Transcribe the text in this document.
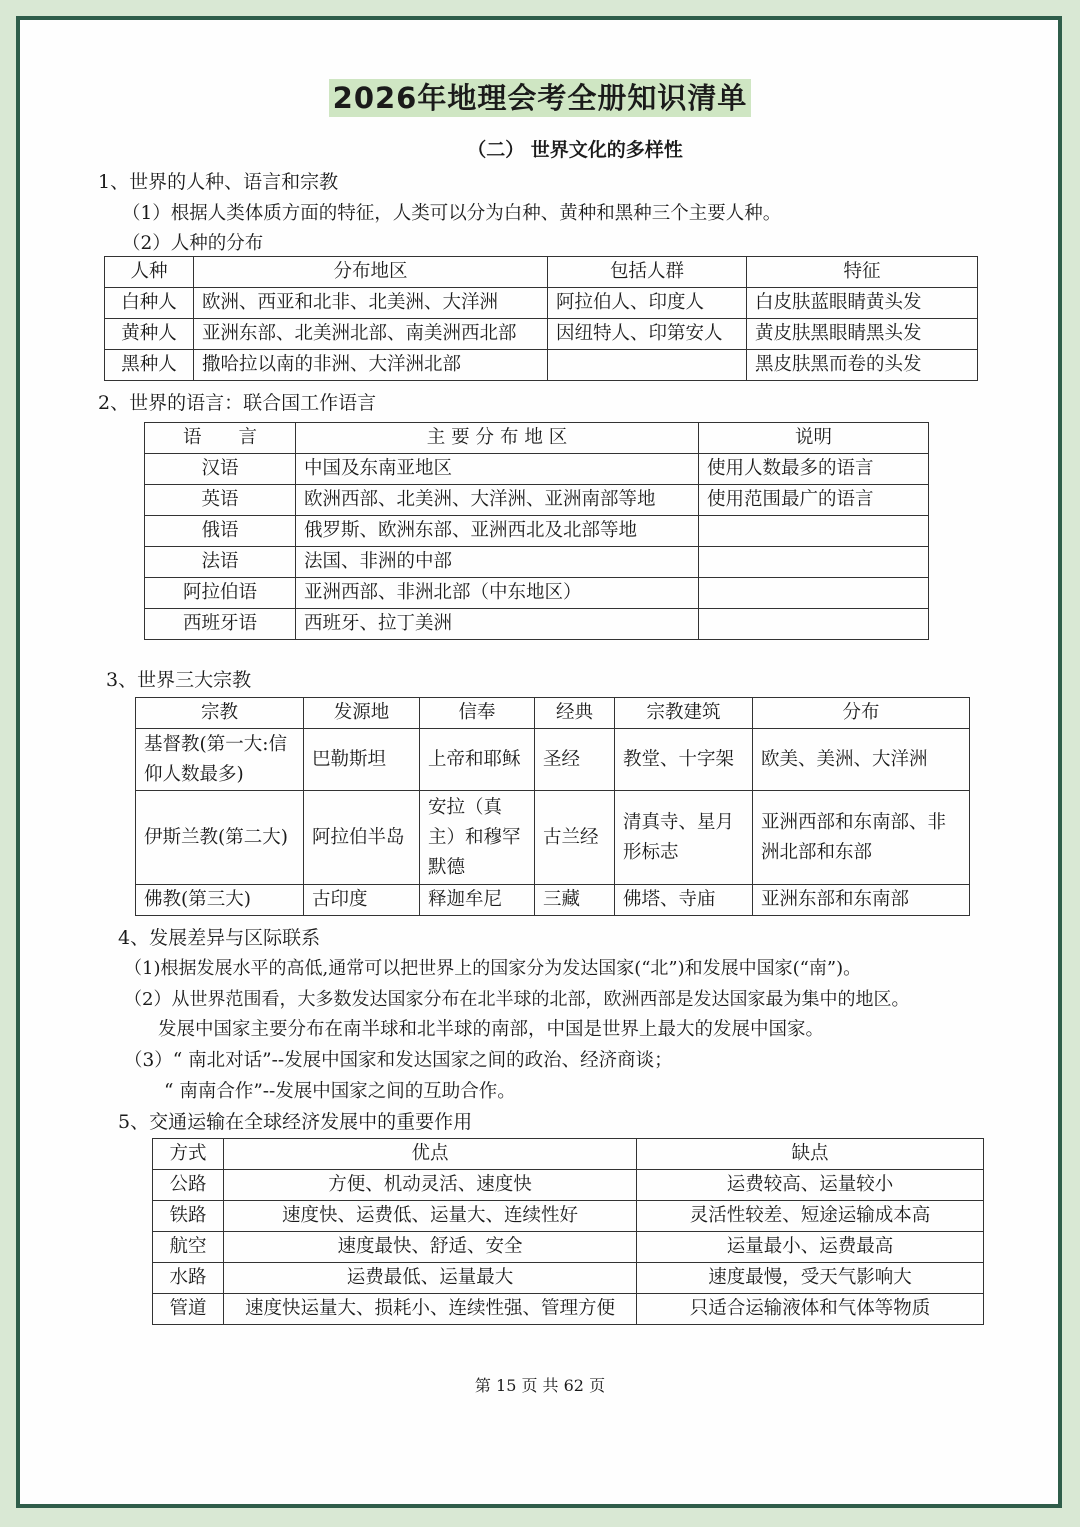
2026年地理会考全册知识清单
（二） 世界文化的多样性
1、世界的人种、语言和宗教
（1）根据人类体质方面的特征，人类可以分为白种、黄种和黑种三个主要人种。
（2）人种的分布
人种	分布地区	包括人群	特征
白种人	欧洲、西亚和北非、北美洲、大洋洲	阿拉伯人、印度人	白皮肤蓝眼睛黄头发
黄种人	亚洲东部、北美洲北部、南美洲西北部	因纽特人、印第安人	黄皮肤黑眼睛黑头发
黑种人	撒哈拉以南的非洲、大洋洲北部		黑皮肤黑而卷的头发
2、世界的语言：联合国工作语言
语　　言	主 要 分 布 地 区	说明
汉语	中国及东南亚地区	使用人数最多的语言
英语	欧洲西部、北美洲、大洋洲、亚洲南部等地	使用范围最广的语言
俄语	俄罗斯、欧洲东部、亚洲西北及北部等地	
法语	法国、非洲的中部	
阿拉伯语	亚洲西部、非洲北部（中东地区）	
西班牙语	西班牙、拉丁美洲	
3、世界三大宗教
宗教	发源地	信奉	经典	宗教建筑	分布
基督教(第一大:信仰人数最多)	巴勒斯坦	上帝和耶稣	圣经	教堂、十字架	欧美、美洲、大洋洲
伊斯兰教(第二大)	阿拉伯半岛	安拉（真主）和穆罕默德	古兰经	清真寺、星月形标志	亚洲西部和东南部、非洲北部和东部
佛教(第三大)	古印度	释迦牟尼	三藏	佛塔、寺庙	亚洲东部和东南部
4、发展差异与区际联系
（1)根据发展水平的高低,通常可以把世界上的国家分为发达国家(“北”)和发展中国家(“南”)。
（2）从世界范围看，大多数发达国家分布在北半球的北部，欧洲西部是发达国家最为集中的地区。
发展中国家主要分布在南半球和北半球的南部，中国是世界上最大的发展中国家。
（3）“ 南北对话”--发展中国家和发达国家之间的政治、经济商谈；
“ 南南合作”--发展中国家之间的互助合作。
5、交通运输在全球经济发展中的重要作用
方式	优点	缺点
公路	方便、机动灵活、速度快	运费较高、运量较小
铁路	速度快、运费低、运量大、连续性好	灵活性较差、短途运输成本高
航空	速度最快、舒适、安全	运量最小、运费最高
水路	运费最低、运量最大	速度最慢，受天气影响大
管道	速度快运量大、损耗小、连续性强、管理方便	只适合运输液体和气体等物质
第 15 页 共 62 页
